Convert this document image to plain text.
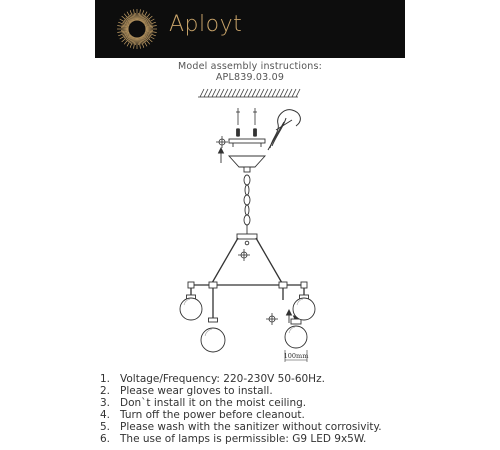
Aployt
Model assembly instructions:
APL839.03.09
100mm
1. Voltage/Frequency: 220-230V 50-60Hz.
2. Please wear gloves to install.
3. Don`t install it on the moist ceiling.
4. Turn off the power before cleanout.
5. Please wash with the sanitizer without corrosivity.
6. The use of lamps is permissible: G9 LED 9x5W.
